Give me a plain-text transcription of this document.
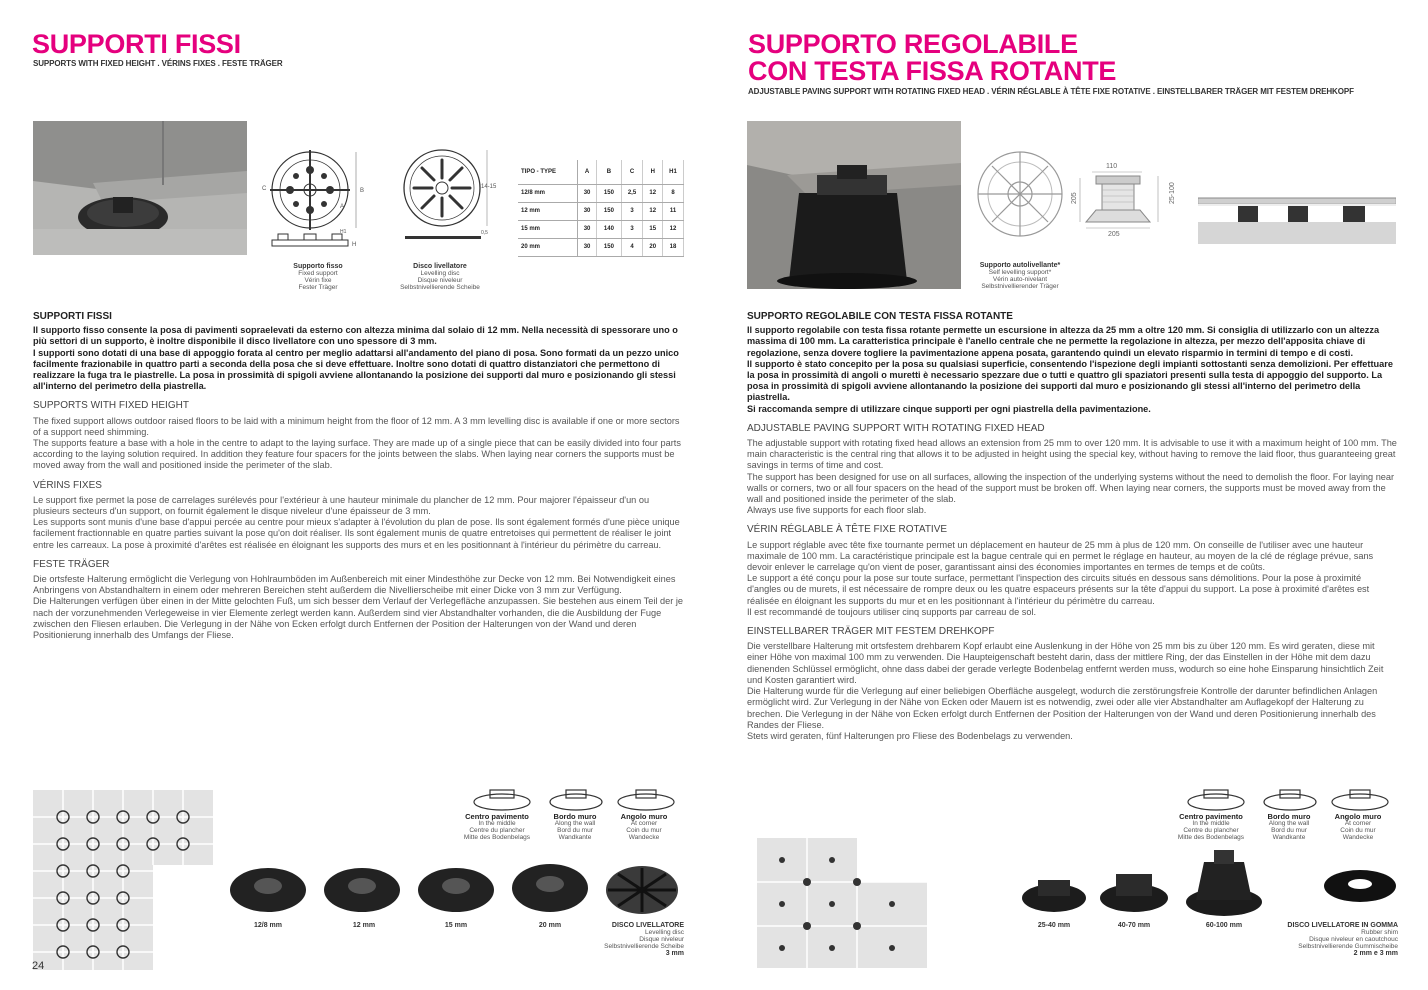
SUPPORTI FISSI
SUPPORTS WITH FIXED HEIGHT . VÉRINS FIXES . FESTE TRÄGER
B
C
A
H
H1
Supporto fisso
Fixed support
Vérin fixe
Fester Träger
14-15
0,5
Disco livellatore
Levelling disc
Disque niveleur
Selbstnivellierende Scheibe
TIPO - TYPE	A	B	C	H	H1
12/8 mm	30	150	2,5	12	8
12 mm	30	150	3	12	11
15 mm	30	140	3	15	12
20 mm	30	150	4	20	18
SUPPORTI FISSI

Il supporto fisso consente la posa di pavimenti sopraelevati da esterno con altezza minima dal solaio di 12 mm. Nella necessità di spessorare uno o più settori di un supporto, è inoltre disponibile il disco livellatore con uno spessore di 3 mm.

I supporti sono dotati di una base di appoggio forata al centro per meglio adattarsi all'andamento del piano di posa. Sono formati da un pezzo unico facilmente frazionabile in quattro parti a seconda della posa che si deve effettuare. Inoltre sono dotati di quattro distanziatori che permettono di realizzare la fuga tra le piastrelle. La posa in prossimità di spigoli avviene allontanando la posizione dei supporti dal muro e posizionando gli stessi all'interno del perimetro della piastrella.

SUPPORTS WITH FIXED HEIGHT

The fixed support allows outdoor raised floors to be laid with a minimum height from the floor of 12 mm. A 3 mm levelling disc is available if one or more sectors of a support need shimming.

The supports feature a base with a hole in the centre to adapt to the laying surface. They are made up of a single piece that can be easily divided into four parts according to the laying solution required. In addition they feature four spacers for the joints between the slabs. When laying near corners the supports must be moved away from the wall and positioned inside the perimeter of the slab.

VÉRINS FIXES

Le support fixe permet la pose de carrelages surélevés pour l'extérieur à une hauteur minimale du plancher de 12 mm. Pour majorer l'épaisseur d'un ou plusieurs secteurs d'un support, on fournit également le disque niveleur d'une épaisseur de 3 mm.

Les supports sont munis d'une base d'appui percée au centre pour mieux s'adapter à l'évolution du plan de pose. Ils sont également formés d'une pièce unique facilement fractionnable en quatre parties suivant la pose qu'on doit réaliser. Ils sont également munis de quatre entretoises qui permettent de réaliser le joint entre les carreaux. La pose à proximité d'arêtes est réalisée en éloignant les supports des murs et en les positionnant à l'intérieur du périmètre du carreau.

FESTE TRÄGER

Die ortsfeste Halterung ermöglicht die Verlegung von Hohlraumböden im Außenbereich mit einer Mindesthöhe zur Decke von 12 mm. Bei Notwendigkeit eines Anbringens von Abstandhaltern in einem oder mehreren Bereichen steht außerdem die Nivellierscheibe mit einer Dicke von 3 mm zur Verfügung.

Die Halterungen verfügen über einen in der Mitte gelochten Fuß, um sich besser dem Verlauf der Verlegefläche anzupassen. Sie bestehen aus einem Teil der je nach der vorzunehmenden Verlegeweise in vier Elemente zerlegt werden kann. Außerdem sind vier Abstandhalter vorhanden, die die Ausbildung der Fuge zwischen den Fliesen erlauben. Die Verlegung in der Nähe von Ecken erfolgt durch Entfernen der Position der Halterungen von der Wand und deren Positionierung innerhalb des Umfangs der Fliese.

Centro pavimento
In the middle
Centre du plancher
Mitte des Bodenbelags
Bordo muro
Along the wall
Bord du mur
Wandkante
Angolo muro
At corner
Coin du mur
Wandecke
12/8 mm	12 mm	15 mm	20 mm	DISCO LIVELLATORE
Levelling disc
Disque niveleur
Selbstnivellierende Scheibe
3 mm
24
SUPPORTO REGOLABILE
CON TESTA FISSA ROTANTE
ADJUSTABLE PAVING SUPPORT WITH ROTATING FIXED HEAD . VÉRIN RÉGLABLE À TÊTE FIXE ROTATIVE . EINSTELLBARER TRÄGER MIT FESTEM DREHKOPF
Supporto autolivellante*
Self levelling support*
Vérin auto-nivelant
Selbstnivellierender Träger
110
205	25-100
205
SUPPORTO REGOLABILE CON TESTA FISSA ROTANTE

Il supporto regolabile con testa fissa rotante permette un escursione in altezza da 25 mm a oltre 120 mm. Si consiglia di utilizzarlo con un altezza massima di 100 mm. La caratteristica principale è l'anello centrale che ne permette la regolazione in altezza, per mezzo dell'apposita chiave di regolazione, senza dovere togliere la pavimentazione appena posata, garantendo quindi un elevato risparmio in termini di tempo e di costi.

Il supporto è stato concepito per la posa su qualsiasi superficie, consentendo l'ispezione degli impianti sottostanti senza demolizioni. Per effettuare la posa in prossimità di angoli o muretti è necessario spezzare due o tutti e quattro gli spaziatori presenti sulla testa di appoggio del supporto. La posa in prossimità di spigoli avviene allontanando la posizione dei supporti dal muro e posizionando gli stessi all'interno del perimetro della piastrella.

Si raccomanda sempre di utilizzare cinque supporti per ogni piastrella della pavimentazione.

ADJUSTABLE PAVING SUPPORT WITH ROTATING FIXED HEAD

The adjustable support with rotating fixed head allows an extension from 25 mm to over 120 mm. It is advisable to use it with a maximum height of 100 mm. The main characteristic is the central ring that allows it to be adjusted in height using the special key, without having to remove the laid floor, thus guaranteeing great savings in terms of time and cost.

The support has been designed for use on all surfaces, allowing the inspection of the underlying systems without the need to demolish the floor. For laying near walls or corners, two or all four spacers on the head of the support must be broken off. When laying near corners, the supports must be moved away from the wall and positioned inside the perimeter of the slab.

Always use five supports for each floor slab.

VÉRIN RÉGLABLE À TÊTE FIXE ROTATIVE

Le support réglable avec tête fixe tournante permet un déplacement en hauteur de 25 mm à plus de 120 mm. On conseille de l'utiliser avec une hauteur maximale de 100 mm. La caractéristique principale est la bague centrale qui en permet le réglage en hauteur, au moyen de la clé de réglage prévue, sans devoir enlever le carrelage qu'on vient de poser, garantissant ainsi des économies importantes en termes de temps et de coûts.

Le support a été conçu pour la pose sur toute surface, permettant l'inspection des circuits situés en dessous sans démolitions. Pour la pose à proximité d'angles ou de murets, il est nécessaire de rompre deux ou les quatre espaceurs présents sur la tête d'appui du support. La pose à proximité d'arêtes est réalisée en éloignant les supports du mur et en les positionnant à l'intérieur du périmètre du carreau.

Il est recommandé de toujours utiliser cinq supports par carreau de sol.

EINSTELLBARER TRÄGER MIT FESTEM DREHKOPF

Die verstellbare Halterung mit ortsfestem drehbarem Kopf erlaubt eine Auslenkung in der Höhe von 25 mm bis zu über 120 mm. Es wird geraten, diese mit einer Höhe von maximal 100 mm zu verwenden. Die Haupteigenschaft besteht darin, dass der mittlere Ring, der das Einstellen in der Höhe mit dem dazu dienenden Schlüssel ermöglicht, ohne dass dabei der gerade verlegte Bodenbelag entfernt werden muss, wodurch so eine hohe Einsparung hinsichtlich Zeit und Kosten garantiert wird.

Die Halterung wurde für die Verlegung auf einer beliebigen Oberfläche ausgelegt, wodurch die zerstörungsfreie Kontrolle der darunter befindlichen Anlagen ermöglicht wird. Zur Verlegung in der Nähe von Ecken oder Mauern ist es notwendig, zwei oder alle vier Abstandhalter am Auflagekopf der Halterung zu brechen. Die Verlegung in der Nähe von Ecken erfolgt durch Entfernen der Position der Halterungen von der Wand und deren Positionierung innerhalb des Randes der Fliese.

Stets wird geraten, fünf Halterungen pro Fliese des Bodenbelags zu verwenden.

Centro pavimento
In the middle
Centre du plancher
Mitte des Bodenbelags
Bordo muro
Along the wall
Bord du mur
Wandkante
Angolo muro
At corner
Coin du mur
Wandecke
25-40 mm	40-70 mm	60-100 mm	DISCO LIVELLATORE IN GOMMA
Rubber shim
Disque niveleur en caoutchouc
Selbstnivellierende Gummischeibe
2 mm e 3 mm
